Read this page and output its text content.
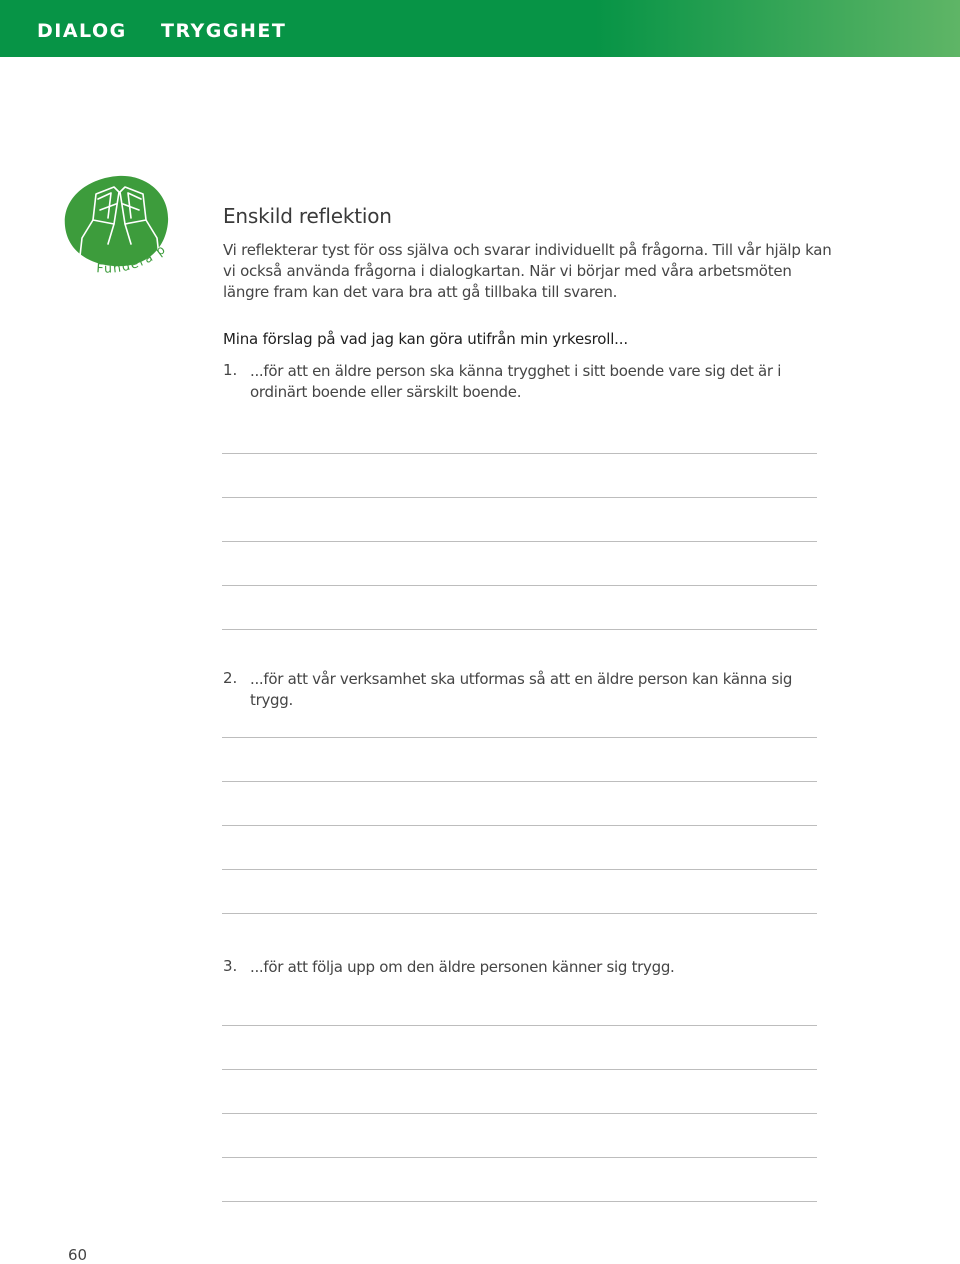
DIALOG TRYGGHET
Fundera p
Enskild reflektion

Vi reflekterar tyst för oss själva och svarar individuellt på frågorna. Till vår hjälp kan vi också använda frågorna i dialogkartan. När vi börjar med våra arbetsmöten längre fram kan det vara bra att gå tillbaka till svaren.

Mina förslag på vad jag kan göra utifrån min yrkesroll...

1. ...för att en äldre person ska känna trygghet i sitt boende vare sig det är i ordinärt boende eller särskilt boende.

2. ...för att vår verksamhet ska utformas så att en äldre person kan känna sig trygg.

3. ...för att följa upp om den äldre personen känner sig trygg.

60
